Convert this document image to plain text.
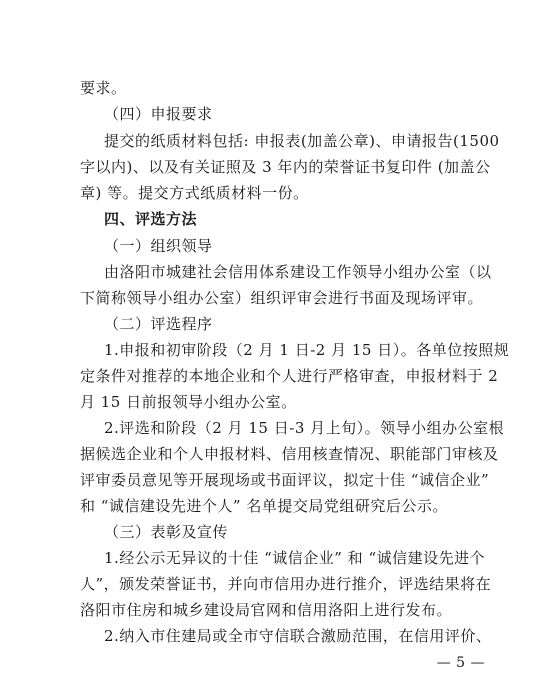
要求。
（四）申报要求
提交的纸质材料包括: 申报表(加盖公章)、申请报告(1500
字以内)、以及有关证照及 3 年内的荣誉证书复印件 (加盖公
章) 等。提交方式纸质材料一份。
四、评选方法
（一）组织领导
由洛阳市城建社会信用体系建设工作领导小组办公室（以
下简称领导小组办公室）组织评审会进行书面及现场评审。
（二）评选程序
1.申报和初审阶段（2 月 1 日-2 月 15 日）。各单位按照规
定条件对推荐的本地企业和个人进行严格审查，申报材料于 2
月 15 日前报领导小组办公室。
2.评选和阶段（2 月 15 日-3 月上旬）。领导小组办公室根
据候选企业和个人申报材料、信用核查情况、职能部门审核及
评审委员意见等开展现场或书面评议，拟定十佳 “诚信企业”
和 “诚信建设先进个人” 名单提交局党组研究后公示。
（三）表彰及宣传
1.经公示无异议的十佳 “诚信企业” 和 “诚信建设先进个
人”，颁发荣誉证书，并向市信用办进行推介，评选结果将在
洛阳市住房和城乡建设局官网和信用洛阳上进行发布。
2.纳入市住建局或全市守信联合激励范围，在信用评价、
— 5 —
